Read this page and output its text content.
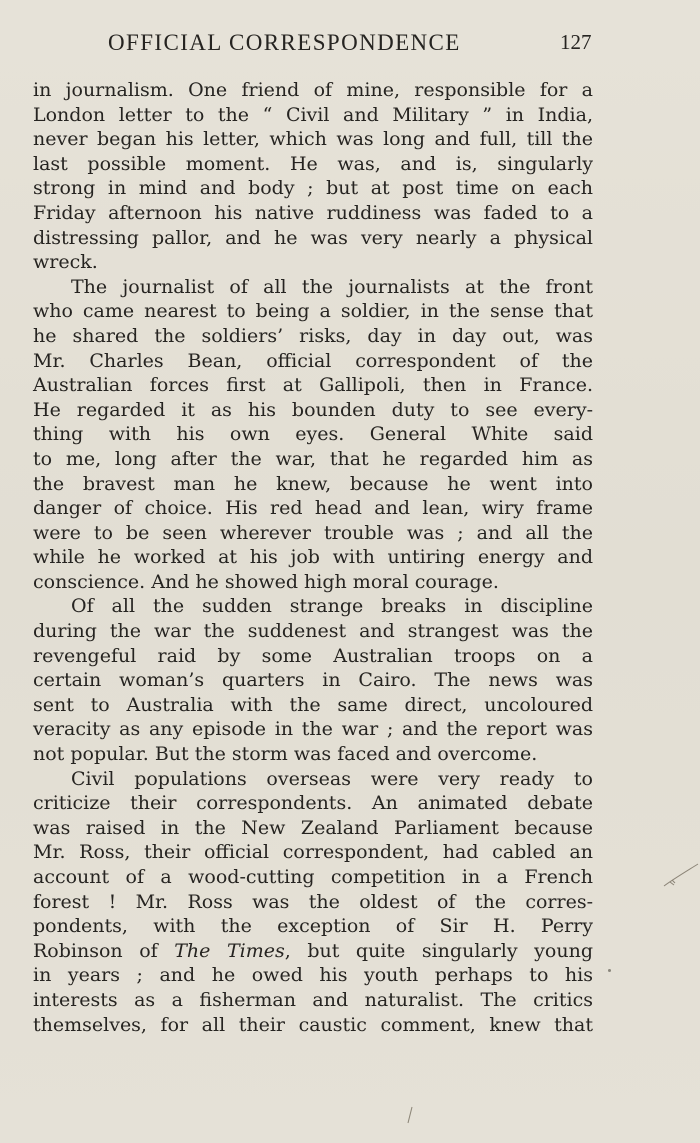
OFFICIAL CORRESPONDENCE	127
in journalism. One friend of mine, responsible for a
London letter to the “ Civil and Military ” in India,
never began his letter, which was long and full, till the
last possible moment. He was, and is, singularly
strong in mind and body ; but at post time on each
Friday afternoon his native ruddiness was faded to a
distressing pallor, and he was very nearly a physical
wreck.
The journalist of all the journalists at the front
who came nearest to being a soldier, in the sense that
he shared the soldiers’ risks, day in day out, was
Mr. Charles Bean, official correspondent of the
Australian forces first at Gallipoli, then in France.
He regarded it as his bounden duty to see every-
thing with his own eyes. General White said
to me, long after the war, that he regarded him as
the bravest man he knew, because he went into
danger of choice. His red head and lean, wiry frame
were to be seen wherever trouble was ; and all the
while he worked at his job with untiring energy and
conscience. And he showed high moral courage.
Of all the sudden strange breaks in discipline
during the war the suddenest and strangest was the
revengeful raid by some Australian troops on a
certain woman’s quarters in Cairo. The news was
sent to Australia with the same direct, uncoloured
veracity as any episode in the war ; and the report was
not popular. But the storm was faced and overcome.
Civil populations overseas were very ready to
criticize their correspondents. An animated debate
was raised in the New Zealand Parliament because
Mr. Ross, their official correspondent, had cabled an
account of a wood-cutting competition in a French
forest ! Mr. Ross was the oldest of the corres-
pondents, with the exception of Sir H. Perry
Robinson of The Times, but quite singularly young
in years ; and he owed his youth perhaps to his
interests as a fisherman and naturalist. The critics
themselves, for all their caustic comment, knew that
